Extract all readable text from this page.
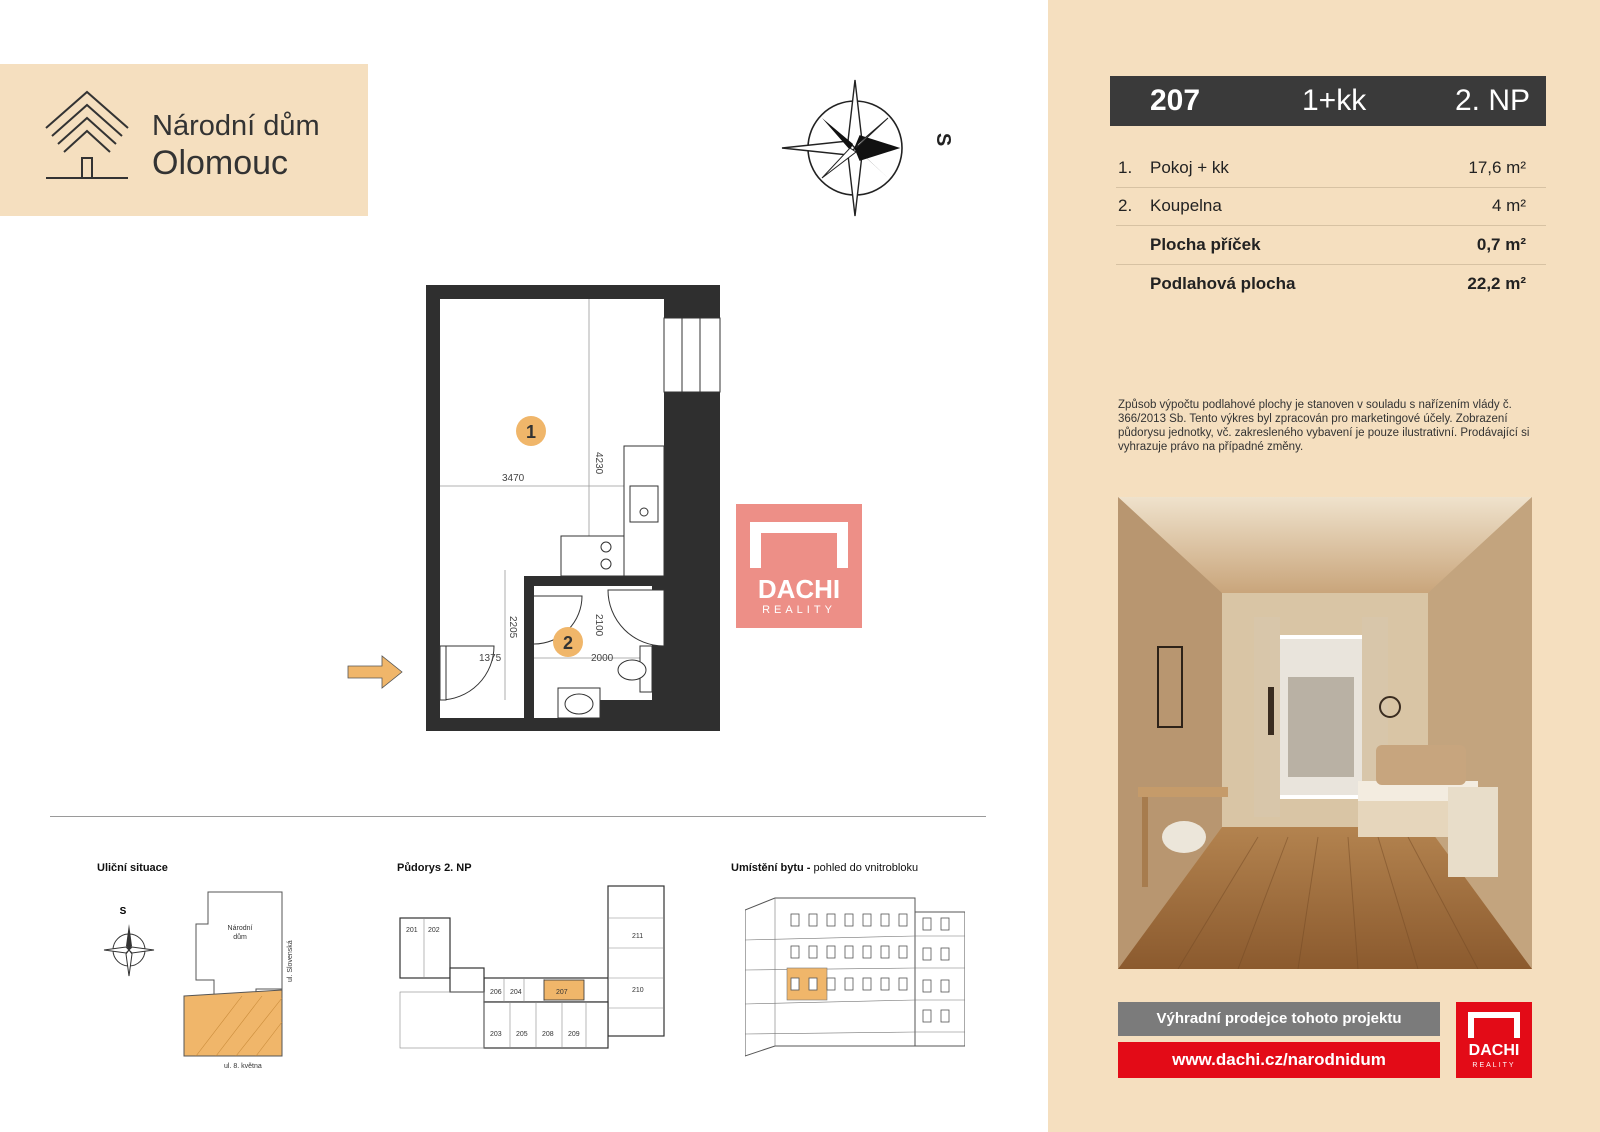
Národní dům
Olomouc
S
1
2
3470
4230
2205	2100
1375	2000
DACHI
REALITY
Uliční situace	Půdorys 2. NP	Umístění bytu - pohled do vnitrobloku
S
Národní
dům
ul. Slovenská
ul. 8. května
201 202
203
204
205
206	207
208 209
210
211
207	1+kk	2. NP
1. Pokoj + kk	17,6 m²
2. Koupelna	4 m²
Plocha příček	0,7 m²
Podlahová plocha	22,2 m²
Způsob výpočtu podlahové plochy je stanoven v souladu s nařízením vlády č. 366/2013 Sb. Tento výkres byl zpracován pro marketingové účely. Zobrazení půdorysu jednotky, vč. zakresleného vybavení je pouze ilustrativní. Prodávající si vyhrazuje právo na případné změny.
Výhradní prodejce tohoto projektu
www.dachi.cz/narodnidum	DACHI
REALITY
